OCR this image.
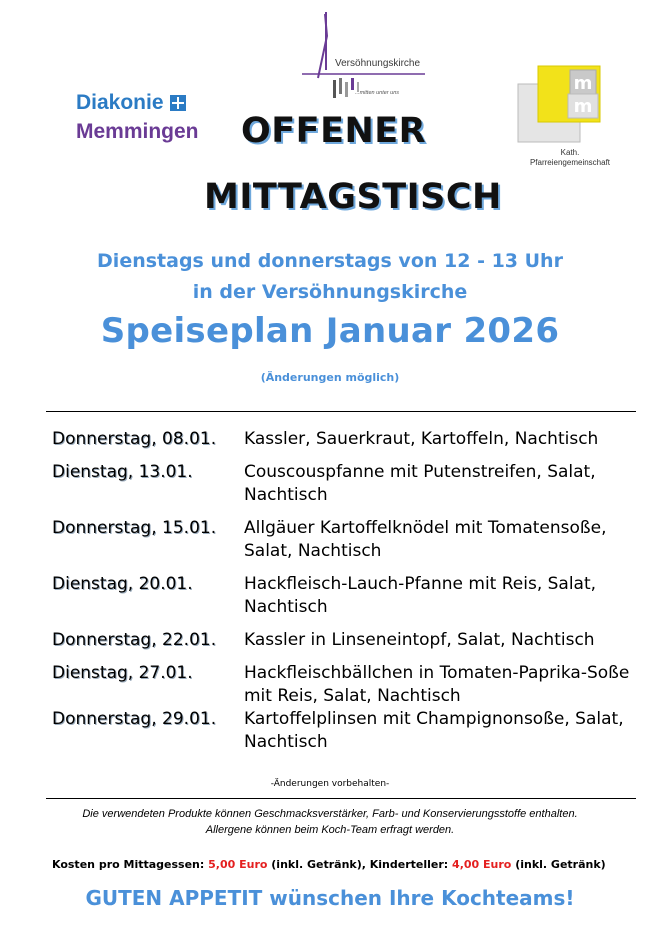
Diakonie
Memmingen
Versöhnungskirche
...mitten unter uns	m
m
Kath.
Pfarreiengemeinschaft
OFFENER
MITTAGSTISCH
Dienstags und donnerstags von 12 - 13 Uhr
in der Versöhnungskirche
Speiseplan Januar 2026
(Änderungen möglich)
Donnerstag, 08.01.	Kassler, Sauerkraut, Kartoffeln, Nachtisch
Dienstag, 13.01.	Couscouspfanne mit Putenstreifen, Salat, Nachtisch
Donnerstag, 15.01.	Allgäuer Kartoffelknödel mit Tomatensoße, Salat, Nachtisch
Dienstag, 20.01.	Hackfleisch-Lauch-Pfanne mit Reis, Salat, Nachtisch
Donnerstag, 22.01.	Kassler in Linseneintopf, Salat, Nachtisch
Dienstag, 27.01.	Hackfleischbällchen in Tomaten-Paprika-Soße mit Reis, Salat, Nachtisch
Donnerstag, 29.01.	Kartoffelplinsen mit Champignonsoße, Salat, Nachtisch
-Änderungen vorbehalten-
Die verwendeten Produkte können Geschmacksverstärker, Farb- und Konservierungsstoffe enthalten.
Allergene können beim Koch-Team erfragt werden.
Kosten pro Mittagessen: 5,00 Euro (inkl. Getränk), Kinderteller: 4,00 Euro (inkl. Getränk)
GUTEN APPETIT wünschen Ihre Kochteams!
